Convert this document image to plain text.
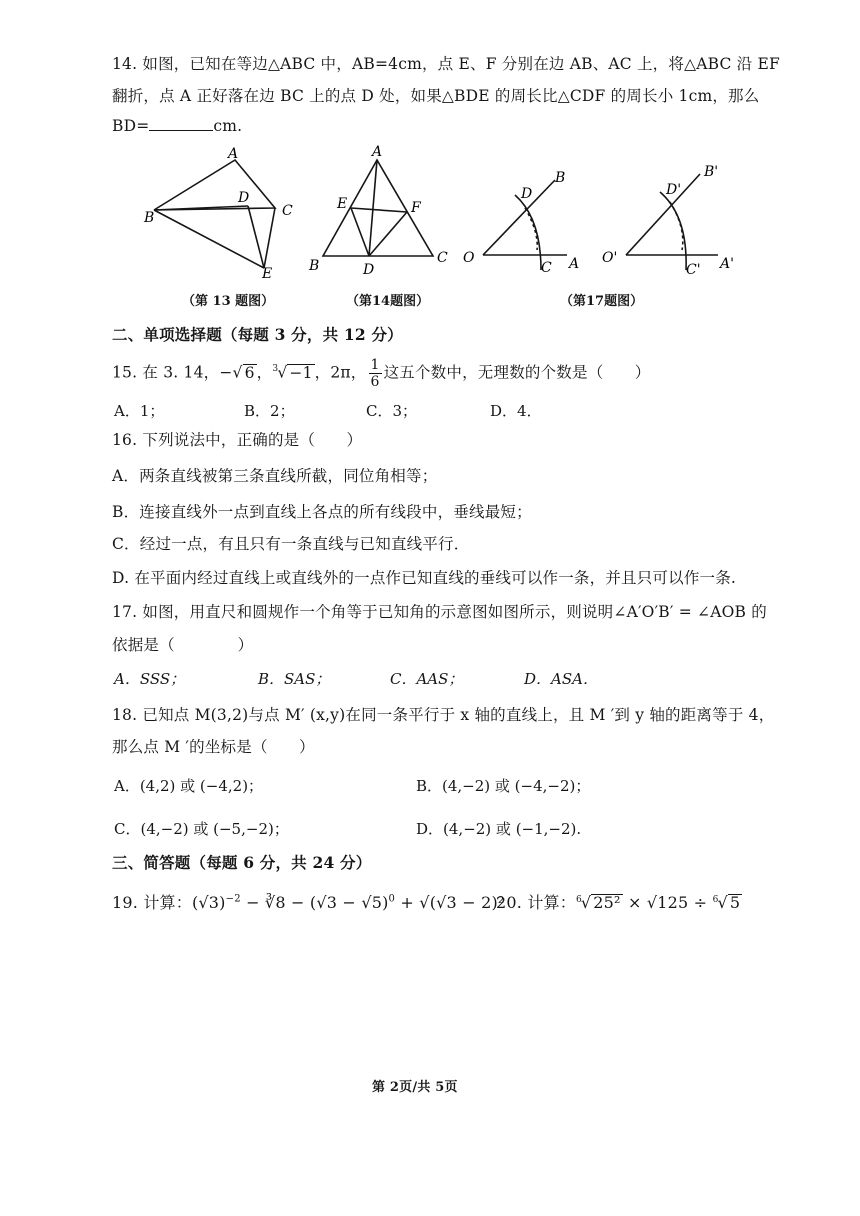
14. 如图，已知在等边△ABC 中，AB=4cm，点 E、F 分别在边 AB、AC 上，将△ABC 沿 EF
翻折，点 A 正好落在边 BC 上的点 D 处，如果△BDE 的周长比△CDF 的周长小 1cm，那么
BD=	cm.
A
B	C
D
E
（第 13 题图）
A
B	C
D
E	F
（第14题图）
O	A
B
C
D
O'	A'
B'
C'
D'
（第17题图）
二、单项选择题（每题 3 分，共 12 分）
15. 在 3. 14，−√ 6 ，$^3$√ −1 ，2π， $\frac{1}{6}$ 这五个数中，无理数的个数是（　　）
A．1；	B．2；	C．3；	D．4．
16. 下列说法中，正确的是（　　）
A．两条直线被第三条直线所截，同位角相等；
B．连接直线外一点到直线上各点的所有线段中，垂线最短；
C．经过一点，有且只有一条直线与已知直线平行．
D. 在平面内经过直线上或直线外的一点作已知直线的垂线可以作一条，并且只可以作一条.
17. 如图，用直尺和圆规作一个角等于已知角的示意图如图所示，则说明∠A′O′B′ = ∠AOB 的
依据是（　　　　）
A．SSS；	B．SAS；	C．AAS；	D．ASA．
18. 已知点 M(3,2)与点 M′ (x,y)在同一条平行于 x 轴的直线上，且 M ′到 y 轴的距离等于 4，
那么点 M ′的坐标是（　　）
A．(4,2) 或 (−4,2)；	B．(4,−2) 或 (−4,−2)；
C．(4,−2) 或 (−5,−2)；	D．(4,−2) 或 (−1,−2).
三、简答题（每题 6 分，共 24 分）
19. 计算：$(√3)^{-2}$ − ∛8 − $(√3 - √5)^0 + √(√3 - 2)^2$
20. 计算：$^6$√ 25² × √125 ÷ $^6$√ 5
第 2页/共 5页
